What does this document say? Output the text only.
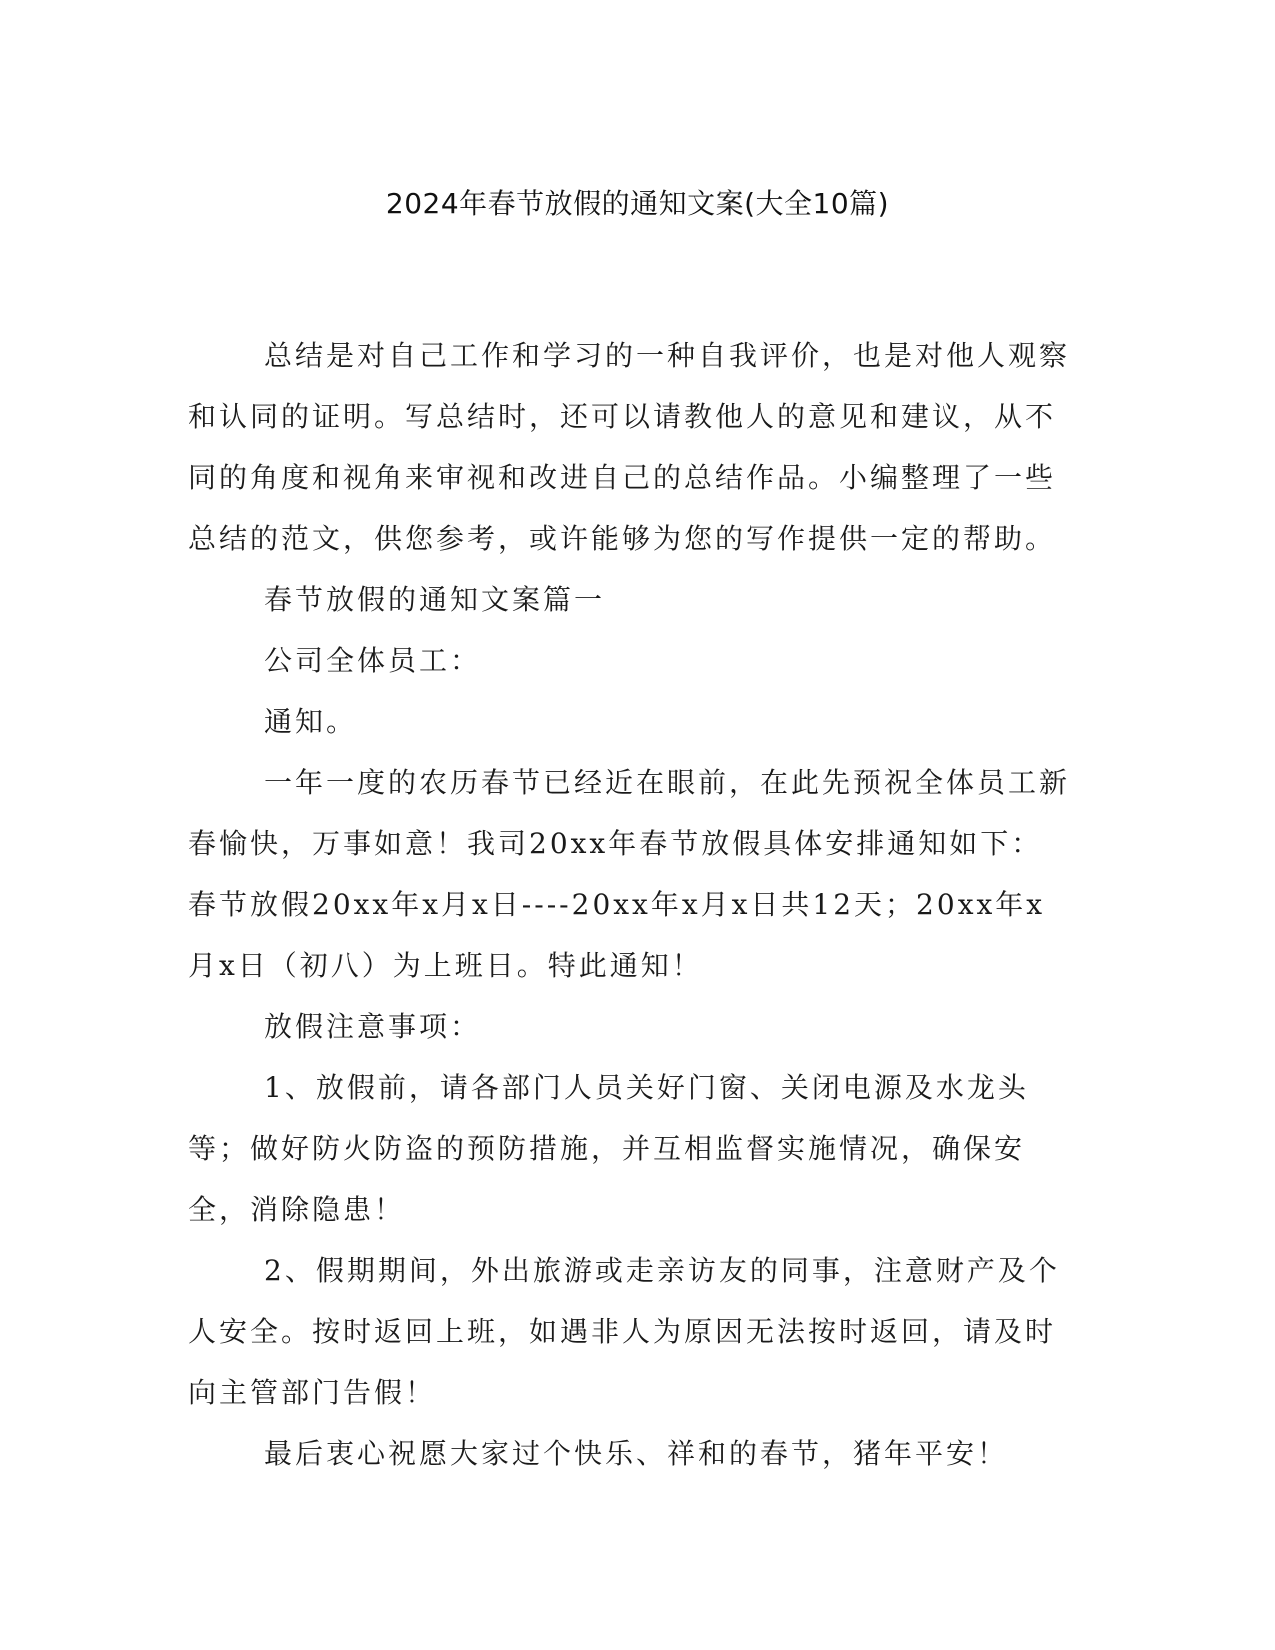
2024年春节放假的通知文案(大全10篇)

总结是对自己工作和学习的一种自我评价，也是对他人观察和认同的证明。写总结时，还可以请教他人的意见和建议，从不同的角度和视角来审视和改进自己的总结作品。小编整理了一些总结的范文，供您参考，或许能够为您的写作提供一定的帮助。

春节放假的通知文案篇一

公司全体员工：

通知。

一年一度的农历春节已经近在眼前，在此先预祝全体员工新春愉快，万事如意！我司20xx年春节放假具体安排通知如下：春节放假20xx年x月x日----20xx年x月x日共12天；20xx年x月x日（初八）为上班日。特此通知！

放假注意事项：

1、放假前，请各部门人员关好门窗、关闭电源及水龙头等；做好防火防盗的预防措施，并互相监督实施情况，确保安全，消除隐患！

2、假期期间，外出旅游或走亲访友的同事，注意财产及个人安全。按时返回上班，如遇非人为原因无法按时返回，请及时向主管部门告假！

最后衷心祝愿大家过个快乐、祥和的春节，猪年平安！
